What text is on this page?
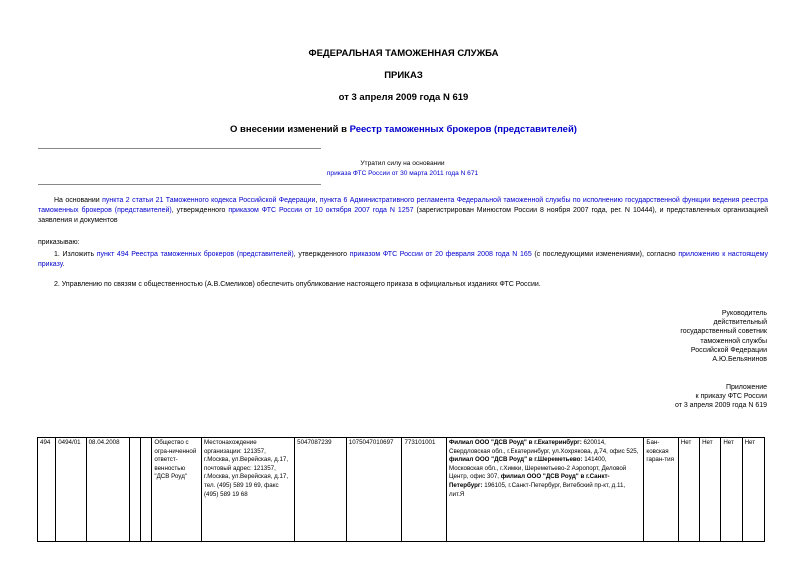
ФЕДЕРАЛЬНАЯ ТАМОЖЕННАЯ СЛУЖБА
ПРИКАЗ
от 3 апреля 2009 года N 619
О внесении изменений в Реестр таможенных брокеров (представителей)
Утратил силу на основании
приказа ФТС России от 30 марта 2011 года N 671
На основании пункта 2 статьи 21 Таможенного кодекса Российской Федерации, пункта 6 Административного регламента Федеральной таможенной службы по исполнению государственной функции ведения реестра таможенных брокеров (представителей), утвержденного приказом ФТС России от 10 октября 2007 года N 1257 (зарегистрирован Минюстом России 8 ноября 2007 года, рег. N 10444), и представленных организацией заявления и документов
приказываю:
1. Изложить пункт 494 Реестра таможенных брокеров (представителей), утвержденного приказом ФТС России от 20 февраля 2008 года N 165 (с последующими изменениями), согласно приложению к настоящему приказу.
2. Управлению по связям с общественностью (А.В.Смеликов) обеспечить опубликование настоящего приказа в официальных изданиях ФТС России.
Руководитель
действительный
государственный советник
таможенной службы
Российской Федерации
А.Ю.Бельянинов
Приложение
к приказу ФТС России
от 3 апреля 2009 года N 619
494	0494/01	08.04.2008			Общество с огра-ниченной ответст-венностью "ДСВ Роуд"	Местонахождение организации: 121357, г.Москва, ул.Верейская, д.17, почтовый адрес: 121357, г.Москва, ул.Верейская, д.17, тел. (495) 589 19 69, факс (495) 589 19 68	5047087239	1075047010697	773101001	Филиал ООО "ДСВ Роуд" в г.Екатеринбург: 620014, Свердловская обл., г.Екатеринбург, ул.Хохрякова, д.74, офис 525, филиал ООО "ДСВ Роуд" в г.Шереметьево: 141400, Московская обл., г.Химки, Шереметьево-2 Аэропорт, Деловой Центр, офис 307, филиал ООО "ДСВ Роуд" в г.Санкт-Петербург: 196105, г.Санкт-Петербург, Витебский пр-кт, д.11, лит.Я	Бан-ковская гаран-тия	Нет	Нет	Нет	Нет
